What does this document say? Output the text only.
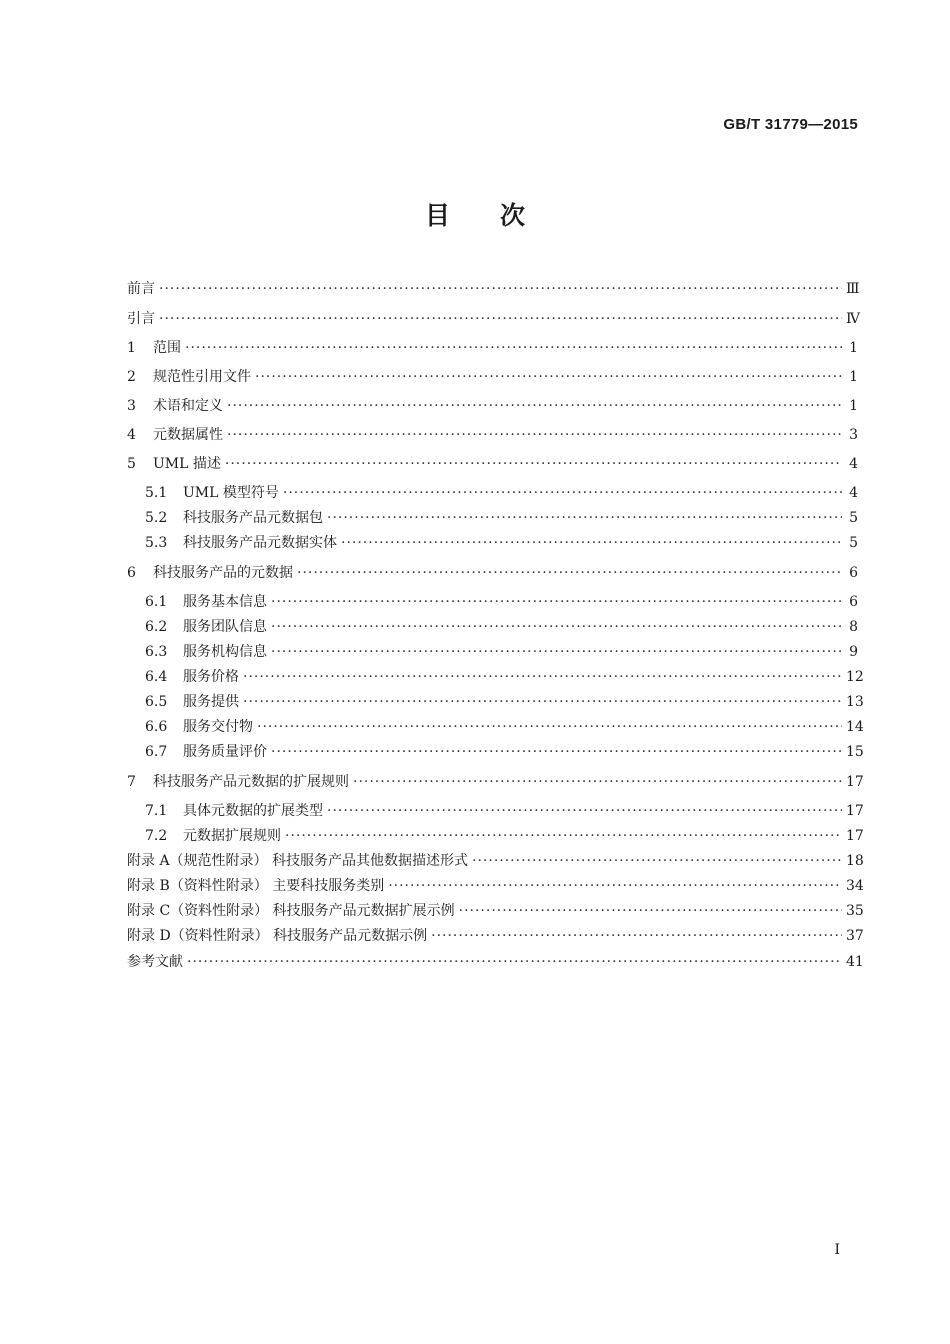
GB/T 31779—2015
目次
前言 ·····	Ⅲ
引言 ·····	Ⅳ
1	范围 ·····	1
2	规范性引用文件 ·····	1
3	术语和定义 ·····	1
4	元数据属性 ·····	3
5	UML 描述 ·····	4
5.1	UML 模型符号 ·····	4
5.2	科技服务产品元数据包 ·····	5
5.3	科技服务产品元数据实体 ·····	5
6	科技服务产品的元数据 ·····	6
6.1	服务基本信息 ·····	6
6.2	服务团队信息 ·····	8
6.3	服务机构信息 ·····	9
6.4	服务价格 ·····	12
6.5	服务提供 ·····	13
6.6	服务交付物 ·····	14
6.7	服务质量评价 ·····	15
7	科技服务产品元数据的扩展规则 ·····	17
7.1	具体元数据的扩展类型 ·····	17
7.2	元数据扩展规则 ·····	17
附录 A（规范性附录） 科技服务产品其他数据描述形式 ·····	18
附录 B（资料性附录） 主要科技服务类别 ·····	34
附录 C（资料性附录） 科技服务产品元数据扩展示例 ·····	35
附录 D（资料性附录） 科技服务产品元数据示例 ·····	37
参考文献 ·····	41
Ⅰ
